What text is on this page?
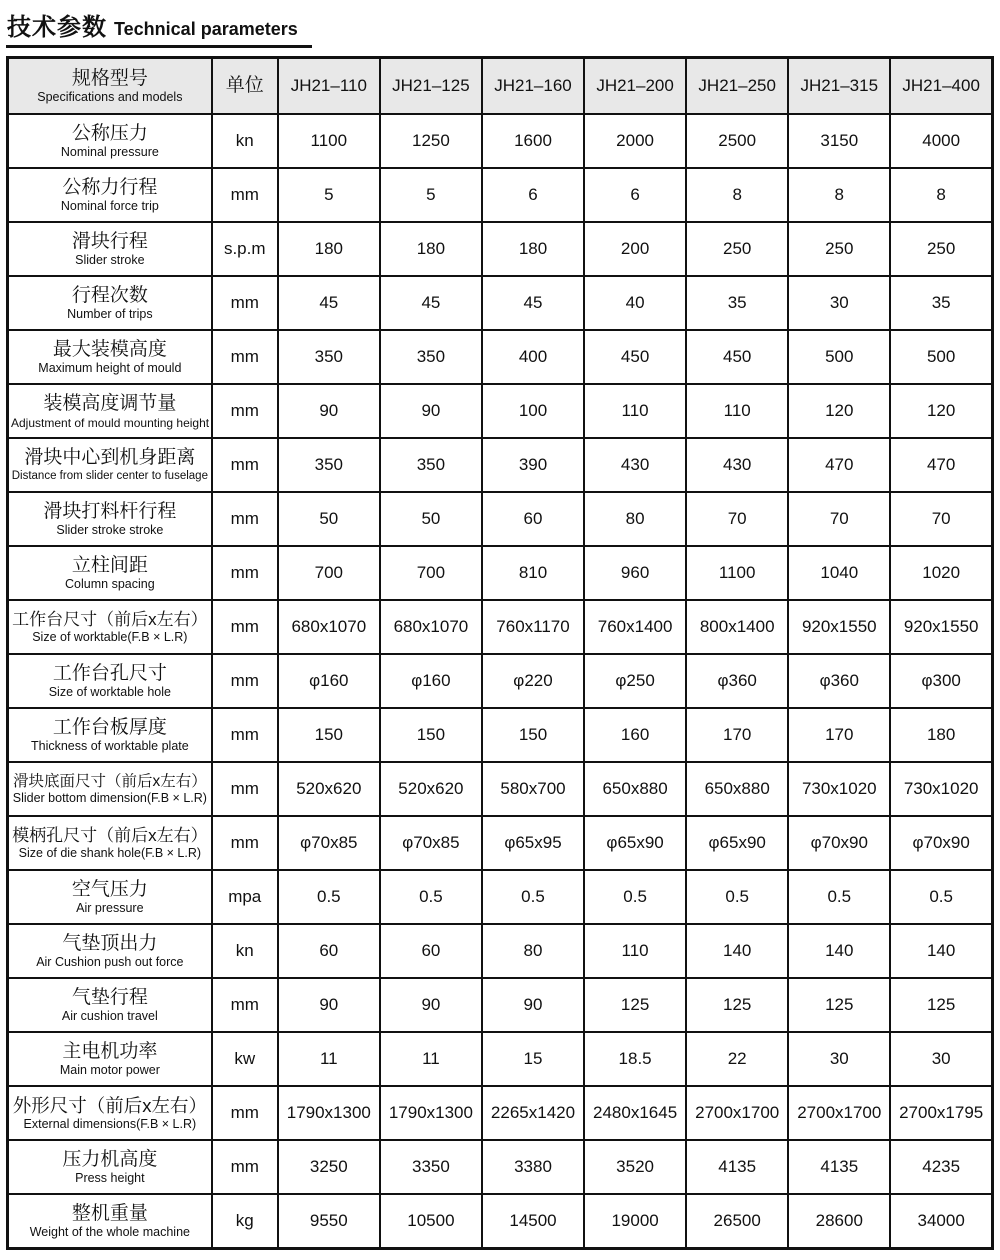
技术参数 Technical parameters
规格型号
Specifications and models	单位	JH21–110	JH21–125	JH21–160	JH21–200	JH21–250	JH21–315	JH21–400

公称压力
Nominal pressure	kn	1100	1250	1600	2000	2500	3150	4000

公称力行程
Nominal force trip	mm	5	5	6	6	8	8	8

滑块行程
Slider stroke	s.p.m	180	180	180	200	250	250	250

行程次数
Number of trips	mm	45	45	45	40	35	30	35

最大装模高度
Maximum height of mould	mm	350	350	400	450	450	500	500

装模高度调节量
Adjustment of mould mounting height	mm	90	90	100	110	110	120	120

滑块中心到机身距离
Distance from slider center to fuselage	mm	350	350	390	430	430	470	470

滑块打料杆行程
Slider stroke stroke	mm	50	50	60	80	70	70	70

立柱间距
Column spacing	mm	700	700	810	960	1100	1040	1020

工作台尺寸（前后x左右）
Size of worktable(F.B × L.R)	mm	680x1070	680x1070	760x1170	760x1400	800x1400	920x1550	920x1550

工作台孔尺寸
Size of worktable hole	mm	φ160	φ160	φ220	φ250	φ360	φ360	φ300

工作台板厚度
Thickness of worktable plate	mm	150	150	150	160	170	170	180

滑块底面尺寸（前后x左右）
Slider bottom dimension(F.B × L.R)	mm	520x620	520x620	580x700	650x880	650x880	730x1020	730x1020

模柄孔尺寸（前后x左右）
Size of die shank hole(F.B × L.R)	mm	φ70x85	φ70x85	φ65x95	φ65x90	φ65x90	φ70x90	φ70x90

空气压力
Air pressure	mpa	0.5	0.5	0.5	0.5	0.5	0.5	0.5

气垫顶出力
Air Cushion push out force	kn	60	60	80	110	140	140	140

气垫行程
Air cushion travel	mm	90	90	90	125	125	125	125

主电机功率
Main motor power	kw	11	11	15	18.5	22	30	30

外形尺寸（前后x左右）
External dimensions(F.B × L.R)	mm	1790x1300	1790x1300	2265x1420	2480x1645	2700x1700	2700x1700	2700x1795

压力机高度
Press height	mm	3250	3350	3380	3520	4135	4135	4235

整机重量
Weight of the whole machine	kg	9550	10500	14500	19000	26500	28600	34000
